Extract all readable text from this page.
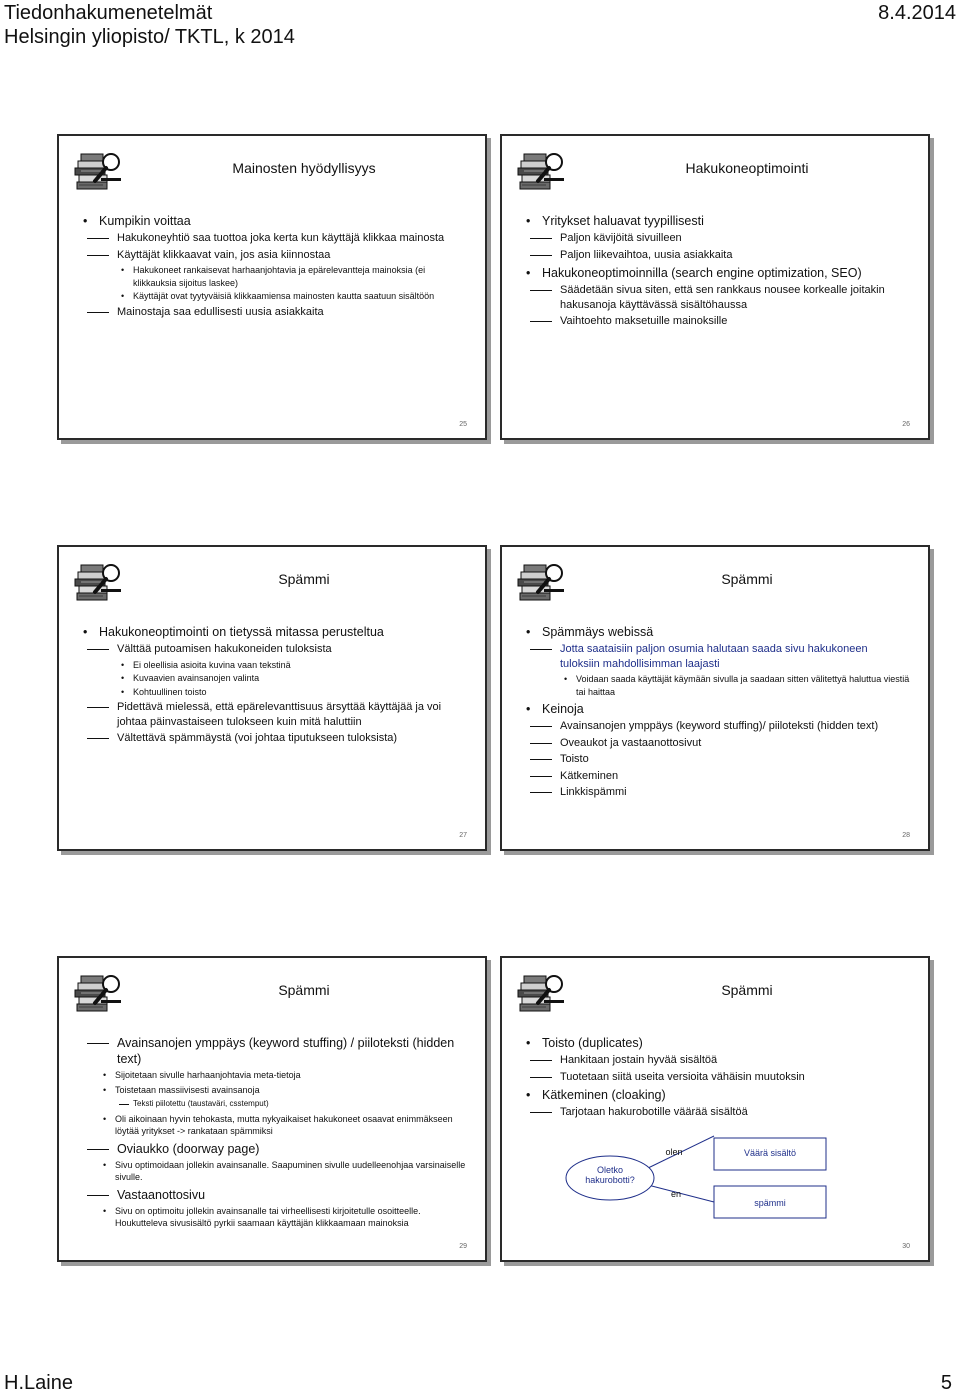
Tiedonhakumenetelmät
Helsingin yliopisto/ TKTL, k 2014
8.4.2014
Mainosten hyödyllisyys
• Kumpikin voittaa
Hakukoneyhtiö saa tuottoa joka kerta kun käyttäjä klikkaa mainosta
Käyttäjät klikkaavat vain, jos asia kiinnostaa
• Hakukoneet rankaisevat harhaanjohtavia ja epärelevantteja mainoksia (ei klikkauksia sijoitus laskee)
• Käyttäjät ovat tyytyväisiä klikkaamiensa mainosten kautta saatuun sisältöön
Mainostaja saa edullisesti uusia asiakkaita
25
Hakukoneoptimointi
• Yritykset haluavat tyypillisesti
Paljon kävijöitä sivuilleen
Paljon liikevaihtoa, uusia asiakkaita
• Hakukoneoptimoinnilla (search engine optimization, SEO)
Säädetään sivua siten, että sen rankkaus nousee korkealle joitakin hakusanoja käyttävässä sisältöhaussa
Vaihtoehto maksetuille mainoksille
26
Spämmi
• Hakukoneoptimointi on tietyssä mitassa perusteltua
Välttää putoamisen hakukoneiden tuloksista
• Ei oleellisia asioita kuvina vaan tekstinä
• Kuvaavien avainsanojen valinta
• Kohtuullinen toisto
Pidettävä mielessä, että epärelevanttisuus ärsyttää käyttäjää ja voi johtaa päinvastaiseen tulokseen kuin mitä haluttiin
Vältettävä spämmäystä (voi johtaa tiputukseen tuloksista)
27
Spämmi
• Spämmäys webissä
Jotta saataisiin paljon osumia halutaan saada sivu hakukoneen tuloksiin mahdollisimman laajasti
• Voidaan saada käyttäjät käymään sivulla ja saadaan sitten välitettyä haluttua viestiä tai haittaa
• Keinoja
Avainsanojen ymppäys (keyword stuffing)/ piiloteksti (hidden text)
Oveaukot ja vastaanottosivut
Toisto
Kätkeminen
Linkkispämmi
28
Spämmi
Avainsanojen ymppäys (keyword stuffing) / piiloteksti (hidden text)
• Sijoitetaan sivulle harhaanjohtavia meta-tietoja
• Toistetaan massiivisesti avainsanoja
Teksti piilotettu (taustaväri, csstemput)
• Oli aikoinaan hyvin tehokasta, mutta nykyaikaiset hakukoneet osaavat enimmäkseen löytää yritykset -> rankataan spämmiksi
Oviaukko (doorway page)
• Sivu optimoidaan jollekin avainsanalle. Saapuminen sivulle uudelleenohjaa varsinaiselle sivulle.
Vastaanottosivu
• Sivu on optimoitu jollekin avainsanalle tai virheellisesti kirjoitetulle osoitteelle. Houkutteleva sivusisältö pyrkii saamaan käyttäjän klikkaamaan mainoksia
29
Spämmi
• Toisto (duplicates)
Hankitaan jostain hyvää sisältöä
Tuotetaan siitä useita versioita vähäisin muutoksin
• Kätkeminen (cloaking)
Tarjotaan hakurobotille väärää sisältöä
Oletko hakurobotti?
olen
en
Väärä sisältö
spämmi
30
H.Laine	5
